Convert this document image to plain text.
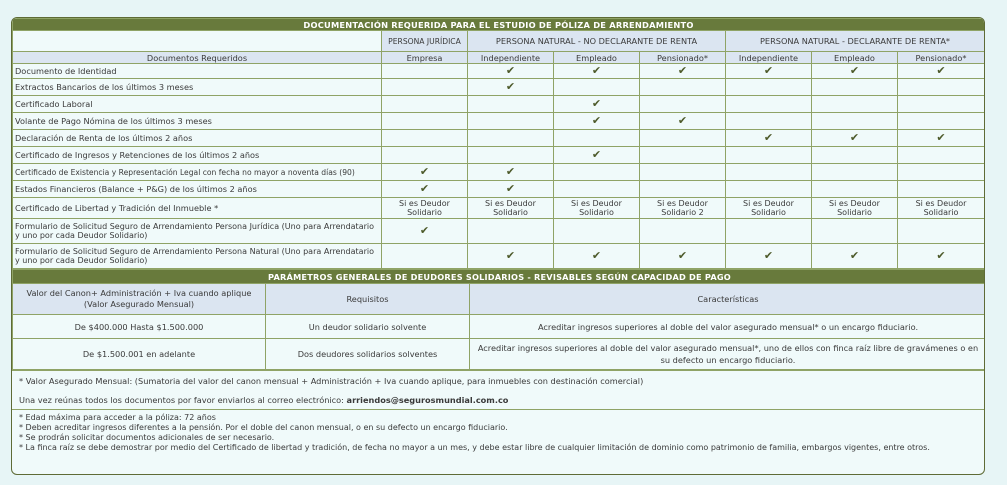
DOCUMENTACIÓN REQUERIDA PARA EL ESTUDIO DE PÓLIZA DE ARRENDAMIENTO							
	PERSONA JURÍDICA	PERSONA NATURAL - NO DECLARANTE DE RENTA			PERSONA NATURAL - DECLARANTE DE RENTA*		
Documentos Requeridos	Empresa	Independiente	Empleado	Pensionado*	Independiente	Empleado	Pensionado*
Documento de Identidad		✔	✔	✔	✔	✔	✔
Extractos Bancarios de los últimos 3 meses		✔					
Certificado Laboral			✔				
Volante de Pago Nómina de los últimos 3 meses			✔	✔			
Declaración de Renta de los últimos 2 años					✔	✔	✔
Certificado de Ingresos y Retenciones de los últimos 2 años			✔				
Certificado de Existencia y Representación Legal con fecha no mayor a noventa días (90)	✔	✔					
Estados Financieros (Balance + P&G) de los últimos 2 años	✔	✔					
Certificado de Libertad y Tradición del Inmueble *	Si es Deudor Solidario	Si es Deudor Solidario	Si es Deudor Solidario	Si es Deudor Solidario 2	Si es Deudor Solidario	Si es Deudor Solidario	Si es Deudor Solidario
Formulario de Solicitud Seguro de Arrendamiento Persona Jurídica (Uno para Arrendatario y uno por cada Deudor Solidario)	✔						
Formulario de Solicitud Seguro de Arrendamiento Persona Natural (Uno para Arrendatario y uno por cada Deudor Solidario)		✔	✔	✔	✔	✔	✔
PARÁMETROS GENERALES DE DEUDORES SOLIDARIOS - REVISABLES SEGÚN CAPACIDAD DE PAGO		
Valor del Canon+ Administración + Iva cuando aplique (Valor Asegurado Mensual)	Requisitos	Características
De $400.000 Hasta $1.500.000	Un deudor solidario solvente	Acreditar ingresos superiores al doble del valor asegurado mensual* o un encargo fiduciario.
De $1.500.001 en adelante	Dos deudores solidarios solventes	Acreditar ingresos superiores al doble del valor asegurado mensual*, uno de ellos con finca raíz libre de gravámenes o en su defecto un encargo fiduciario.
* Valor Asegurado Mensual: (Sumatoria del valor del canon mensual + Administración + Iva cuando aplique, para inmuebles con destinación comercial)
Una vez reúnas todos los documentos por favor enviarlos al correo electrónico: arriendos@segurosmundial.com.co
* Edad máxima para acceder a la póliza: 72 años
* Deben acreditar ingresos diferentes a la pensión. Por el doble del canon mensual, o en su defecto un encargo fiduciario.
* Se prodrán solicitar documentos adicionales de ser necesario.
* La finca raíz se debe demostrar por medio del Certificado de libertad y tradición, de fecha no mayor a un mes, y debe estar libre de cualquier limitación de dominio como patrimonio de familia, embargos vigentes, entre otros.
